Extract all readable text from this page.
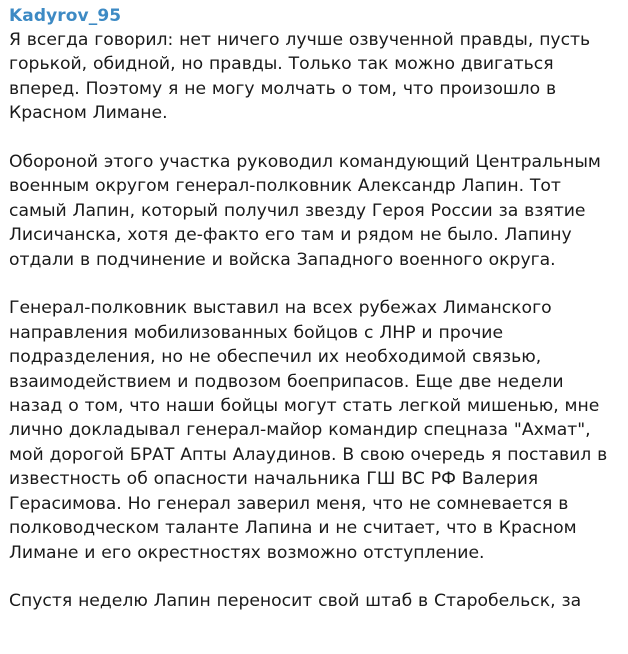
Kadyrov_95

Я всегда говорил: нет ничего лучше озвученной правды, пусть горькой, обидной, но правды. Только так можно двигаться вперед. Поэтому я не могу молчать о том, что произошло в Красном Лимане.

Обороной этого участка руководил командующий Центральным военным округом генерал-полковник Александр Лапин. Тот самый Лапин, который получил звезду Героя России за взятие Лисичанска, хотя де-факто его там и рядом не было. Лапину отдали в подчинение и войска Западного военного округа.

Генерал-полковник выставил на всех рубежах Лиманского направления мобилизованных бойцов с ЛНР и прочие подразделения, но не обеспечил их необходимой связью, взаимодействием и подвозом боеприпасов. Еще две недели назад о том, что наши бойцы могут стать легкой мишенью, мне лично докладывал генерал-майор командир спецназа "Ахмат", мой дорогой БРАТ Апты Алаудинов. В свою очередь я поставил в известность об опасности начальника ГШ ВС РФ Валерия Герасимова. Но генерал заверил меня, что не сомневается в полководческом таланте Лапина и не считает, что в Красном Лимане и его окрестностях возможно отступление.

Спустя неделю Лапин переносит свой штаб в Старобельск, за
